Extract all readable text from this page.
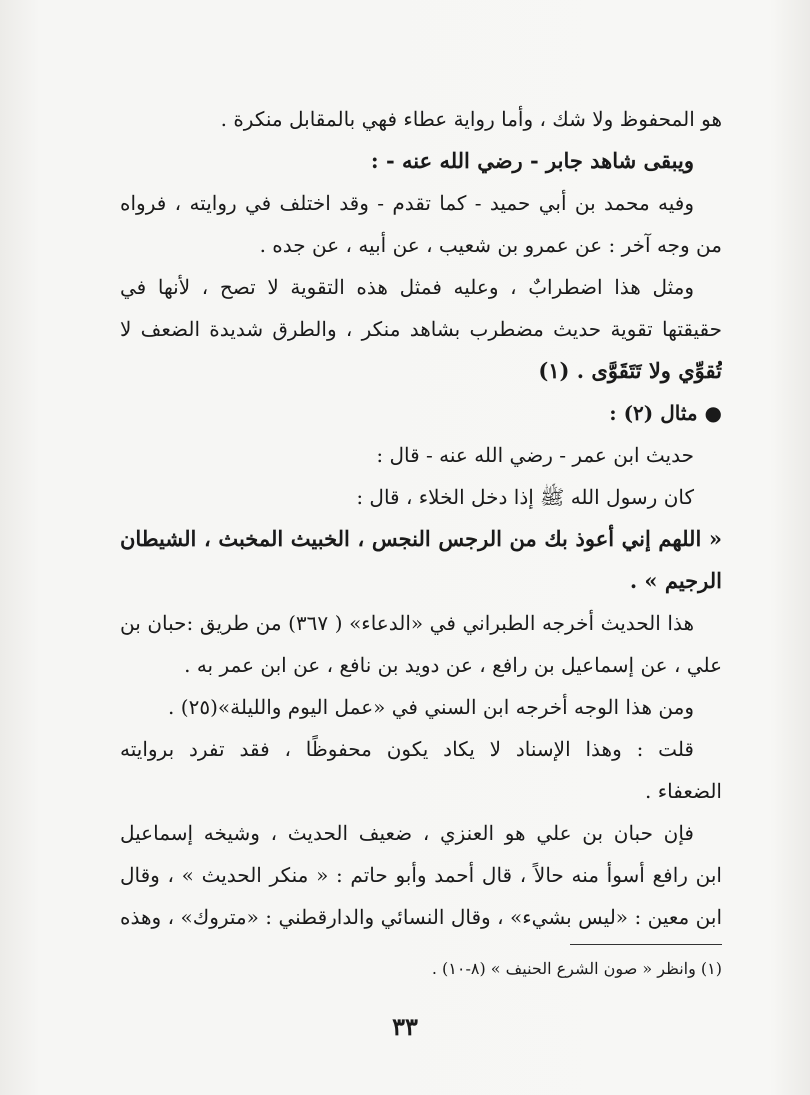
هو المحفوظ ولا شك ، وأما رواية عطاء فهي بالمقابل منكرة .
ويبقى شاهد جابر - رضي الله عنه - :
وفيه محمد بن أبي حميد - كما تقدم - وقد اختلف في روايته ، فرواه
من وجه آخر : عن عمرو بن شعيب ، عن أبيه ، عن جده .
ومثل هذا اضطرابٌ ، وعليه فمثل هذه التقوية لا تصح ، لأنها في
حقيقتها تقوية حديث مضطرب بشاهد منكر ، والطرق شديدة الضعف لا
تُقوِّي ولا تَتَقَوَّى . (١)
● مثال (٢) :
حديث ابن عمر - رضي الله عنه - قال :
كان رسول الله ﷺ إذا دخل الخلاء ، قال :
« اللهم إني أعوذ بك من الرجس النجس ، الخبيث المخبث ، الشيطان
الرجيم » .
هذا الحديث أخرجه الطبراني في «الدعاء» ( ٣٦٧) من طريق :حبان بن
علي ، عن إسماعيل بن رافع ، عن دويد بن نافع ، عن ابن عمر به .
ومن هذا الوجه أخرجه ابن السني في «عمل اليوم والليلة»(٢٥) .
قلت : وهذا الإسناد لا يكاد يكون محفوظًا ، فقد تفرد بروايته
الضعفاء .
فإن حبان بن علي هو العنزي ، ضعيف الحديث ، وشيخه إسماعيل
ابن رافع أسوأ منه حالاً ، قال أحمد وأبو حاتم : « منكر الحديث » ، وقال
ابن معين : «ليس بشيء» ، وقال النسائي والدارقطني : «متروك» ، وهذه
(١) وانظر « صون الشرع الحنيف » (٨-١٠) .
٣٣
